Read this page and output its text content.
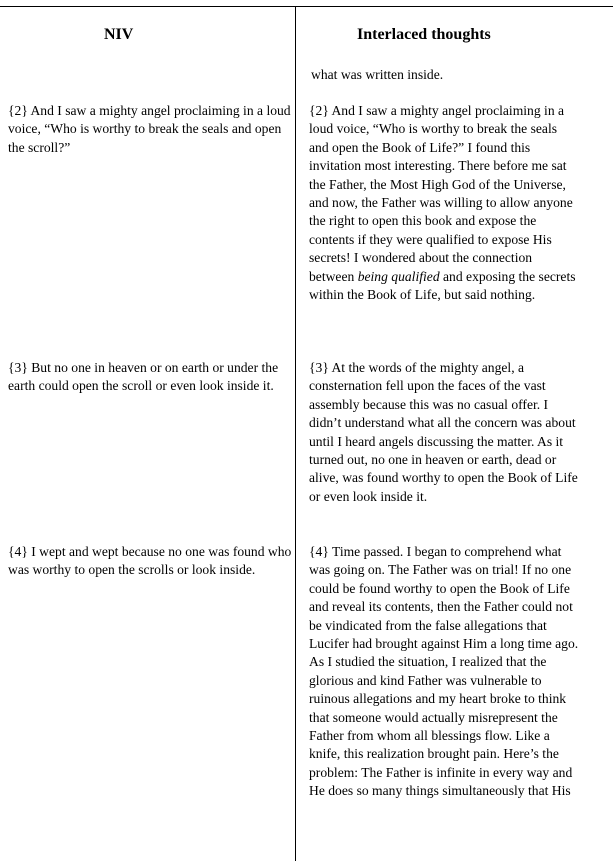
NIV	Interlaced thoughts
what was written inside.

{2} And I saw a mighty angel proclaiming in a loud voice, “Who is worthy to break the seals and open the scroll?”

{2} And I saw a mighty angel proclaiming in a loud voice, “Who is worthy to break the seals and open the Book of Life?” I found this invitation most interesting. There before me sat the Father, the Most High God of the Universe, and now, the Father was willing to allow anyone the right to open this book and expose the contents if they were qualified to expose His secrets! I wondered about the connection between being qualified and exposing the secrets within the Book of Life, but said nothing.

{3} But no one in heaven or on earth or under the earth could open the scroll or even look inside it.

{3} At the words of the mighty angel, a consternation fell upon the faces of the vast assembly because this was no casual offer. I didn’t understand what all the concern was about until I heard angels discussing the matter. As it turned out, no one in heaven or earth, dead or alive, was found worthy to open the Book of Life or even look inside it.

{4} I wept and wept because no one was found who was worthy to open the scrolls or look inside.

{4} Time passed. I began to comprehend what was going on. The Father was on trial! If no one could be found worthy to open the Book of Life and reveal its contents, then the Father could not be vindicated from the false allegations that Lucifer had brought against Him a long time ago. As I studied the situation, I realized that the glorious and kind Father was vulnerable to ruinous allegations and my heart broke to think that someone would actually misrepresent the Father from whom all blessings flow. Like a knife, this realization brought pain. Here’s the problem: The Father is infinite in every way and He does so many things simultaneously that His
